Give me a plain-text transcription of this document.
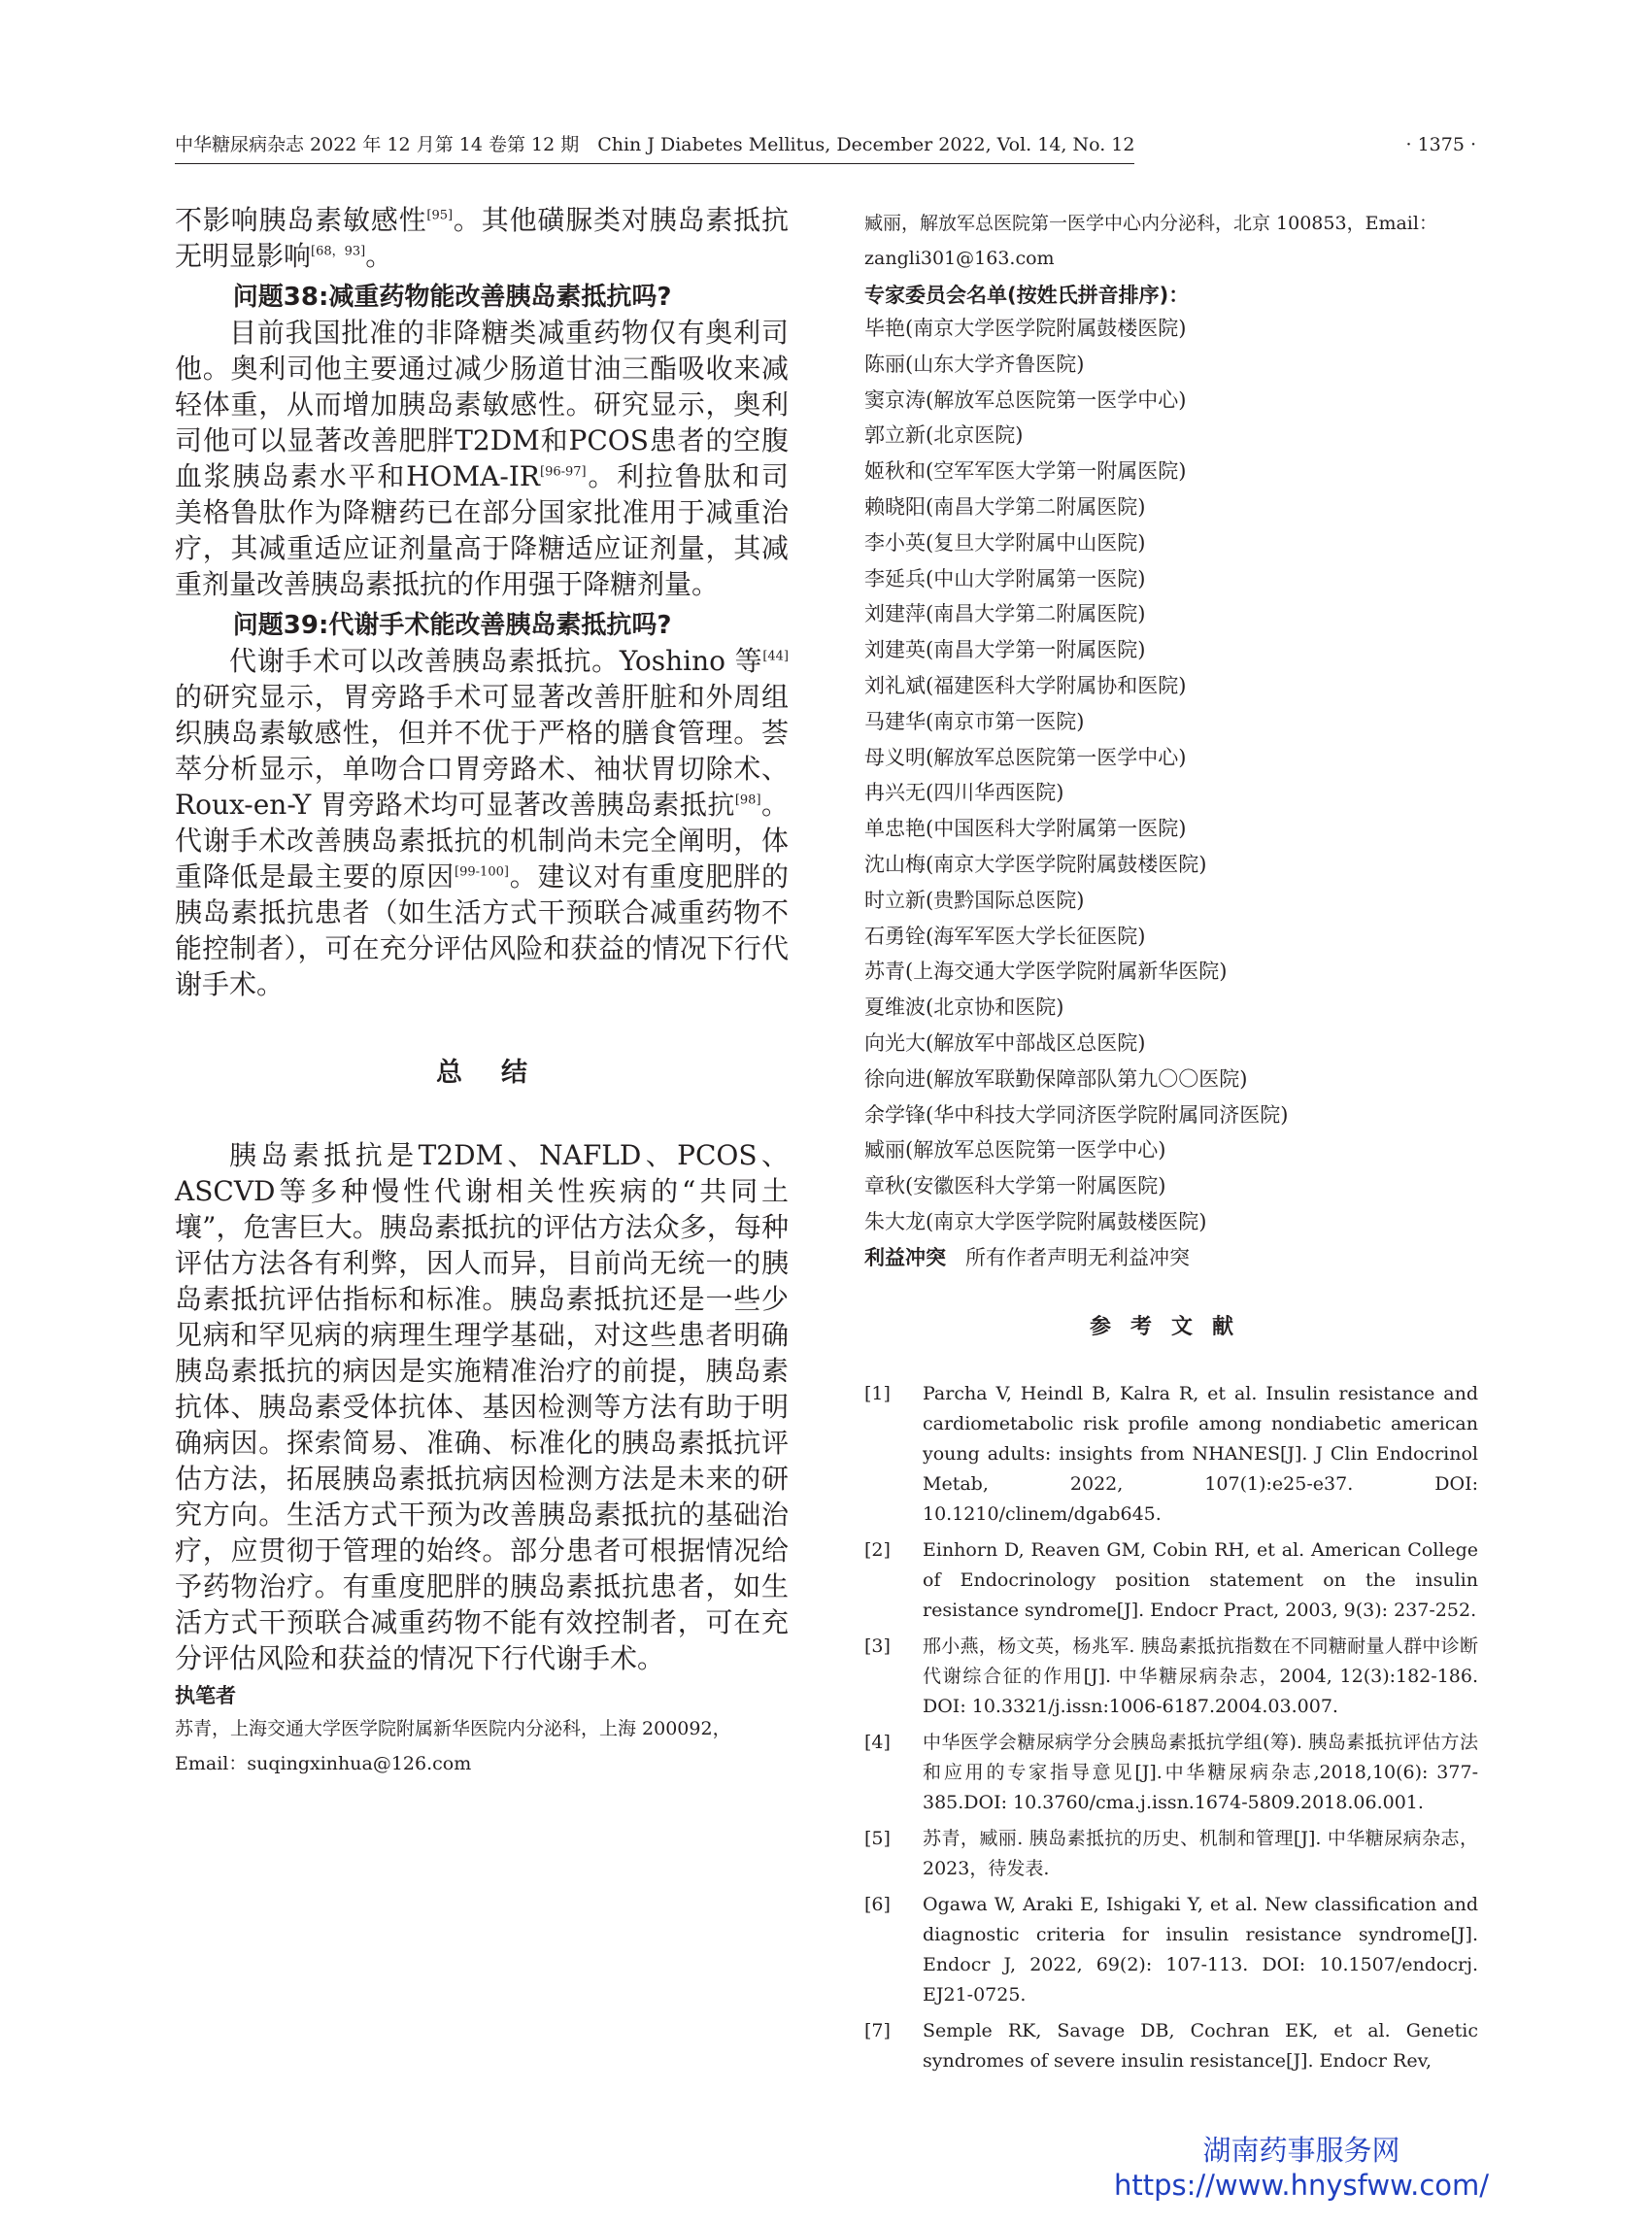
中华糖尿病杂志 2022 年 12 月第 14 卷第 12 期　Chin J Diabetes Mellitus, December 2022, Vol. 14, No. 12	· 1375 ·

不影响胰岛素敏感性[95]。其他磺脲类对胰岛素抵抗无明显影响[68，93]。

问题38:减重药物能改善胰岛素抵抗吗?

目前我国批准的非降糖类减重药物仅有奥利司他。奥利司他主要通过减少肠道甘油三酯吸收来减轻体重，从而增加胰岛素敏感性。研究显示，奥利司他可以显著改善肥胖T2DM和PCOS患者的空腹血浆胰岛素水平和HOMA-IR[96-97]。利拉鲁肽和司美格鲁肽作为降糖药已在部分国家批准用于减重治疗，其减重适应证剂量高于降糖适应证剂量，其减重剂量改善胰岛素抵抗的作用强于降糖剂量。

问题39:代谢手术能改善胰岛素抵抗吗?

代谢手术可以改善胰岛素抵抗。Yoshino 等[44]的研究显示，胃旁路手术可显著改善肝脏和外周组织胰岛素敏感性，但并不优于严格的膳食管理。荟萃分析显示，单吻合口胃旁路术、袖状胃切除术、Roux-en-Y 胃旁路术均可显著改善胰岛素抵抗[98]。代谢手术改善胰岛素抵抗的机制尚未完全阐明，体重降低是最主要的原因[99-100]。建议对有重度肥胖的胰岛素抵抗患者（如生活方式干预联合减重药物不能控制者），可在充分评估风险和获益的情况下行代谢手术。

总结

胰岛素抵抗是T2DM、NAFLD、PCOS、ASCVD等多种慢性代谢相关性疾病的“共同土壤”，危害巨大。胰岛素抵抗的评估方法众多，每种评估方法各有利弊，因人而异，目前尚无统一的胰岛素抵抗评估指标和标准。胰岛素抵抗还是一些少见病和罕见病的病理生理学基础，对这些患者明确胰岛素抵抗的病因是实施精准治疗的前提，胰岛素抗体、胰岛素受体抗体、基因检测等方法有助于明确病因。探索简易、准确、标准化的胰岛素抵抗评估方法，拓展胰岛素抵抗病因检测方法是未来的研究方向。生活方式干预为改善胰岛素抵抗的基础治疗，应贯彻于管理的始终。部分患者可根据情况给予药物治疗。有重度肥胖的胰岛素抵抗患者，如生活方式干预联合减重药物不能有效控制者，可在充分评估风险和获益的情况下行代谢手术。

执笔者
苏青，上海交通大学医学院附属新华医院内分泌科，上海 200092，Email：suqingxinhua@126.com
臧丽，解放军总医院第一医学中心内分泌科，北京 100853，Email：zangli301@163.com
专家委员会名单(按姓氏拼音排序)：
毕艳(南京大学医学院附属鼓楼医院)
陈丽(山东大学齐鲁医院)
窦京涛(解放军总医院第一医学中心)
郭立新(北京医院)
姬秋和(空军军医大学第一附属医院)
赖晓阳(南昌大学第二附属医院)
李小英(复旦大学附属中山医院)
李延兵(中山大学附属第一医院)
刘建萍(南昌大学第二附属医院)
刘建英(南昌大学第一附属医院)
刘礼斌(福建医科大学附属协和医院)
马建华(南京市第一医院)
母义明(解放军总医院第一医学中心)
冉兴无(四川华西医院)
单忠艳(中国医科大学附属第一医院)
沈山梅(南京大学医学院附属鼓楼医院)
时立新(贵黔国际总医院)
石勇铨(海军军医大学长征医院)
苏青(上海交通大学医学院附属新华医院)
夏维波(北京协和医院)
向光大(解放军中部战区总医院)
徐向进(解放军联勤保障部队第九〇〇医院)
余学锋(华中科技大学同济医学院附属同济医院)
臧丽(解放军总医院第一医学中心)
章秋(安徽医科大学第一附属医院)
朱大龙(南京大学医学院附属鼓楼医院)
利益冲突 所有作者声明无利益冲突
参考文献
[1]	Parcha V, Heindl B, Kalra R, et al. Insulin resistance and cardiometabolic risk profile among nondiabetic american young adults: insights from NHANES[J]. J Clin Endocrinol Metab, 2022, 107(1):e25-e37. DOI: 10.1210/clinem/dgab645.
[2]	Einhorn D, Reaven GM, Cobin RH, et al. American College of Endocrinology position statement on the insulin resistance syndrome[J]. Endocr Pract, 2003, 9(3): 237-252.
[3]	邢小燕，杨文英，杨兆军. 胰岛素抵抗指数在不同糖耐量人群中诊断代谢综合征的作用[J]. 中华糖尿病杂志，2004, 12(3):182-186. DOI: 10.3321/j.issn:1006-6187.2004.03.007.
[4]	中华医学会糖尿病学分会胰岛素抵抗学组(筹). 胰岛素抵抗评估方法和应用的专家指导意见[J].中华糖尿病杂志,2018,10(6): 377-385.DOI: 10.3760/cma.j.issn.1674-5809.2018.06.001.
[5]	苏青，臧丽. 胰岛素抵抗的历史、机制和管理[J]. 中华糖尿病杂志，2023，待发表.
[6]	Ogawa W, Araki E, Ishigaki Y, et al. New classification and diagnostic criteria for insulin resistance syndrome[J]. Endocr J, 2022, 69(2): 107-113. DOI: 10.1507/endocrj. EJ21-0725.
[7]	Semple RK, Savage DB, Cochran EK, et al. Genetic syndromes of severe insulin resistance[J]. Endocr Rev,
湖南药事服务网
https://www.hnysfww.com/
